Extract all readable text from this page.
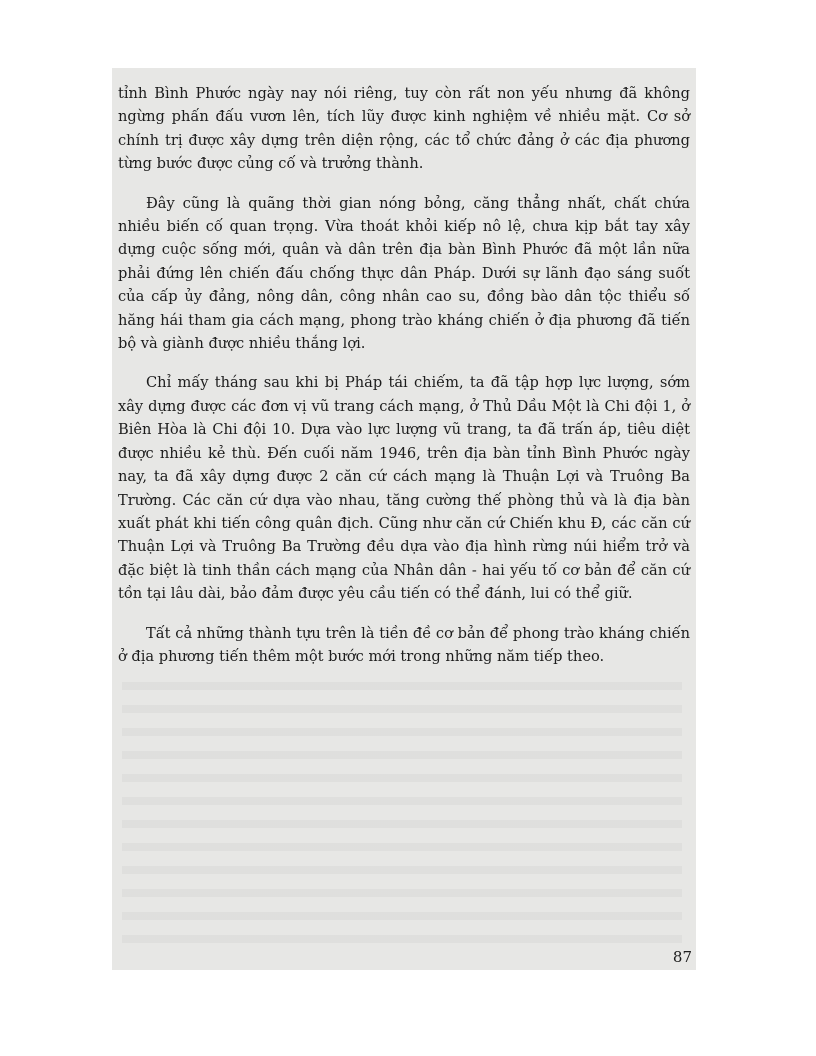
tỉnh Bình Phước ngày nay nói riêng, tuy còn rất non yếu nhưng đã không ngừng phấn đấu vươn lên, tích lũy được kinh nghiệm về nhiều mặt. Cơ sở chính trị được xây dựng trên diện rộng, các tổ chức đảng ở các địa phương từng bước được củng cố và trưởng thành.

Đây cũng là quãng thời gian nóng bỏng, căng thẳng nhất, chất chứa nhiều biến cố quan trọng. Vừa thoát khỏi kiếp nô lệ, chưa kịp bắt tay xây dựng cuộc sống mới, quân và dân trên địa bàn Bình Phước đã một lần nữa phải đứng lên chiến đấu chống thực dân Pháp. Dưới sự lãnh đạo sáng suốt của cấp ủy đảng, nông dân, công nhân cao su, đồng bào dân tộc thiểu số hăng hái tham gia cách mạng, phong trào kháng chiến ở địa phương đã tiến bộ và giành được nhiều thắng lợi.

Chỉ mấy tháng sau khi bị Pháp tái chiếm, ta đã tập hợp lực lượng, sớm xây dựng được các đơn vị vũ trang cách mạng, ở Thủ Dầu Một là Chi đội 1, ở Biên Hòa là Chi đội 10. Dựa vào lực lượng vũ trang, ta đã trấn áp, tiêu diệt được nhiều kẻ thù. Đến cuối năm 1946, trên địa bàn tỉnh Bình Phước ngày nay, ta đã xây dựng được 2 căn cứ cách mạng là Thuận Lợi và Truông Ba Trường. Các căn cứ dựa vào nhau, tăng cường thế phòng thủ và là địa bàn xuất phát khi tiến công quân địch. Cũng như căn cứ Chiến khu Đ, các căn cứ Thuận Lợi và Truông Ba Trường đều dựa vào địa hình rừng núi hiểm trở và đặc biệt là tinh thần cách mạng của Nhân dân - hai yếu tố cơ bản để căn cứ tồn tại lâu dài, bảo đảm được yêu cầu tiến có thể đánh, lui có thể giữ.

Tất cả những thành tựu trên là tiền đề cơ bản để phong trào kháng chiến ở địa phương tiến thêm một bước mới trong những năm tiếp theo.

87
